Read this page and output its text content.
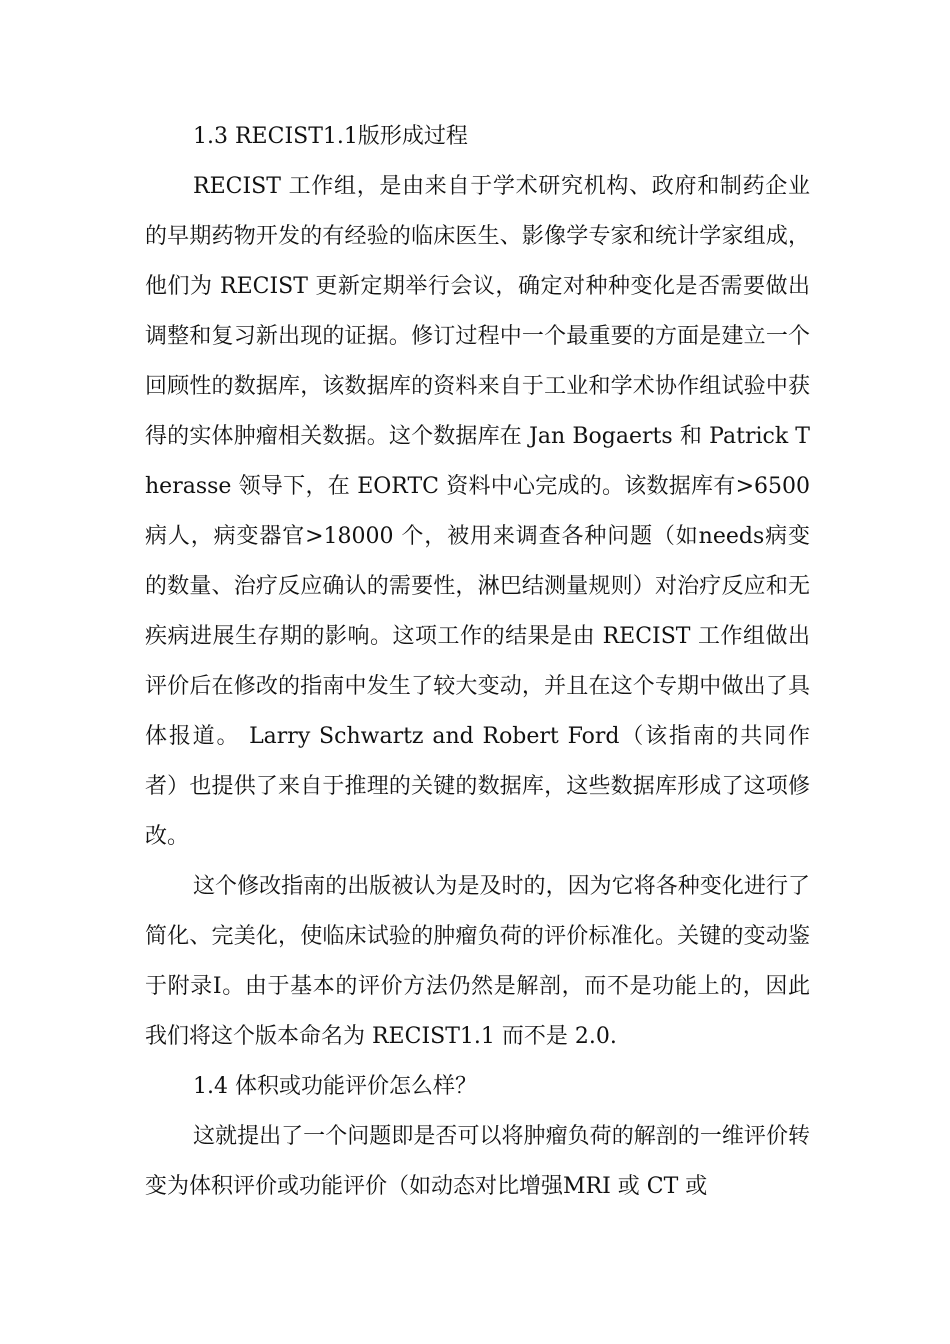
1.3 RECIST1.1版形成过程

RECIST 工作组，是由来自于学术研究机构、政府和制药企业的早期药物开发的有经验的临床医生、影像学专家和统计学家组成，他们为 RECIST 更新定期举行会议，确定对种种变化是否需要做出调整和复习新出现的证据。修订过程中一个最重要的方面是建立一个回顾性的数据库，该数据库的资料来自于工业和学术协作组试验中获得的实体肿瘤相关数据。这个数据库在 Jan Bogaerts 和 Patrick Therasse 领导下，在 EORTC 资料中心完成的。该数据库有>6500 病人，病变器官>18000 个，被用来调查各种问题（如needs病变的数量、治疗反应确认的需要性，淋巴结测量规则）对治疗反应和无疾病进展生存期的影响。这项工作的结果是由 RECIST 工作组做出评价后在修改的指南中发生了较大变动，并且在这个专期中做出了具体报道。 Larry Schwartz and Robert Ford（该指南的共同作者）也提供了来自于推理的关键的数据库，这些数据库形成了这项修改。

这个修改指南的出版被认为是及时的，因为它将各种变化进行了简化、完美化，使临床试验的肿瘤负荷的评价标准化。关键的变动鉴于附录Ⅰ。由于基本的评价方法仍然是解剖，而不是功能上的，因此我们将这个版本命名为 RECIST1.1 而不是 2.0.

1.4 体积或功能评价怎么样？

这就提出了一个问题即是否可以将肿瘤负荷的解剖的一维评价转变为体积评价或功能评价（如动态对比增强MRI 或 CT 或
